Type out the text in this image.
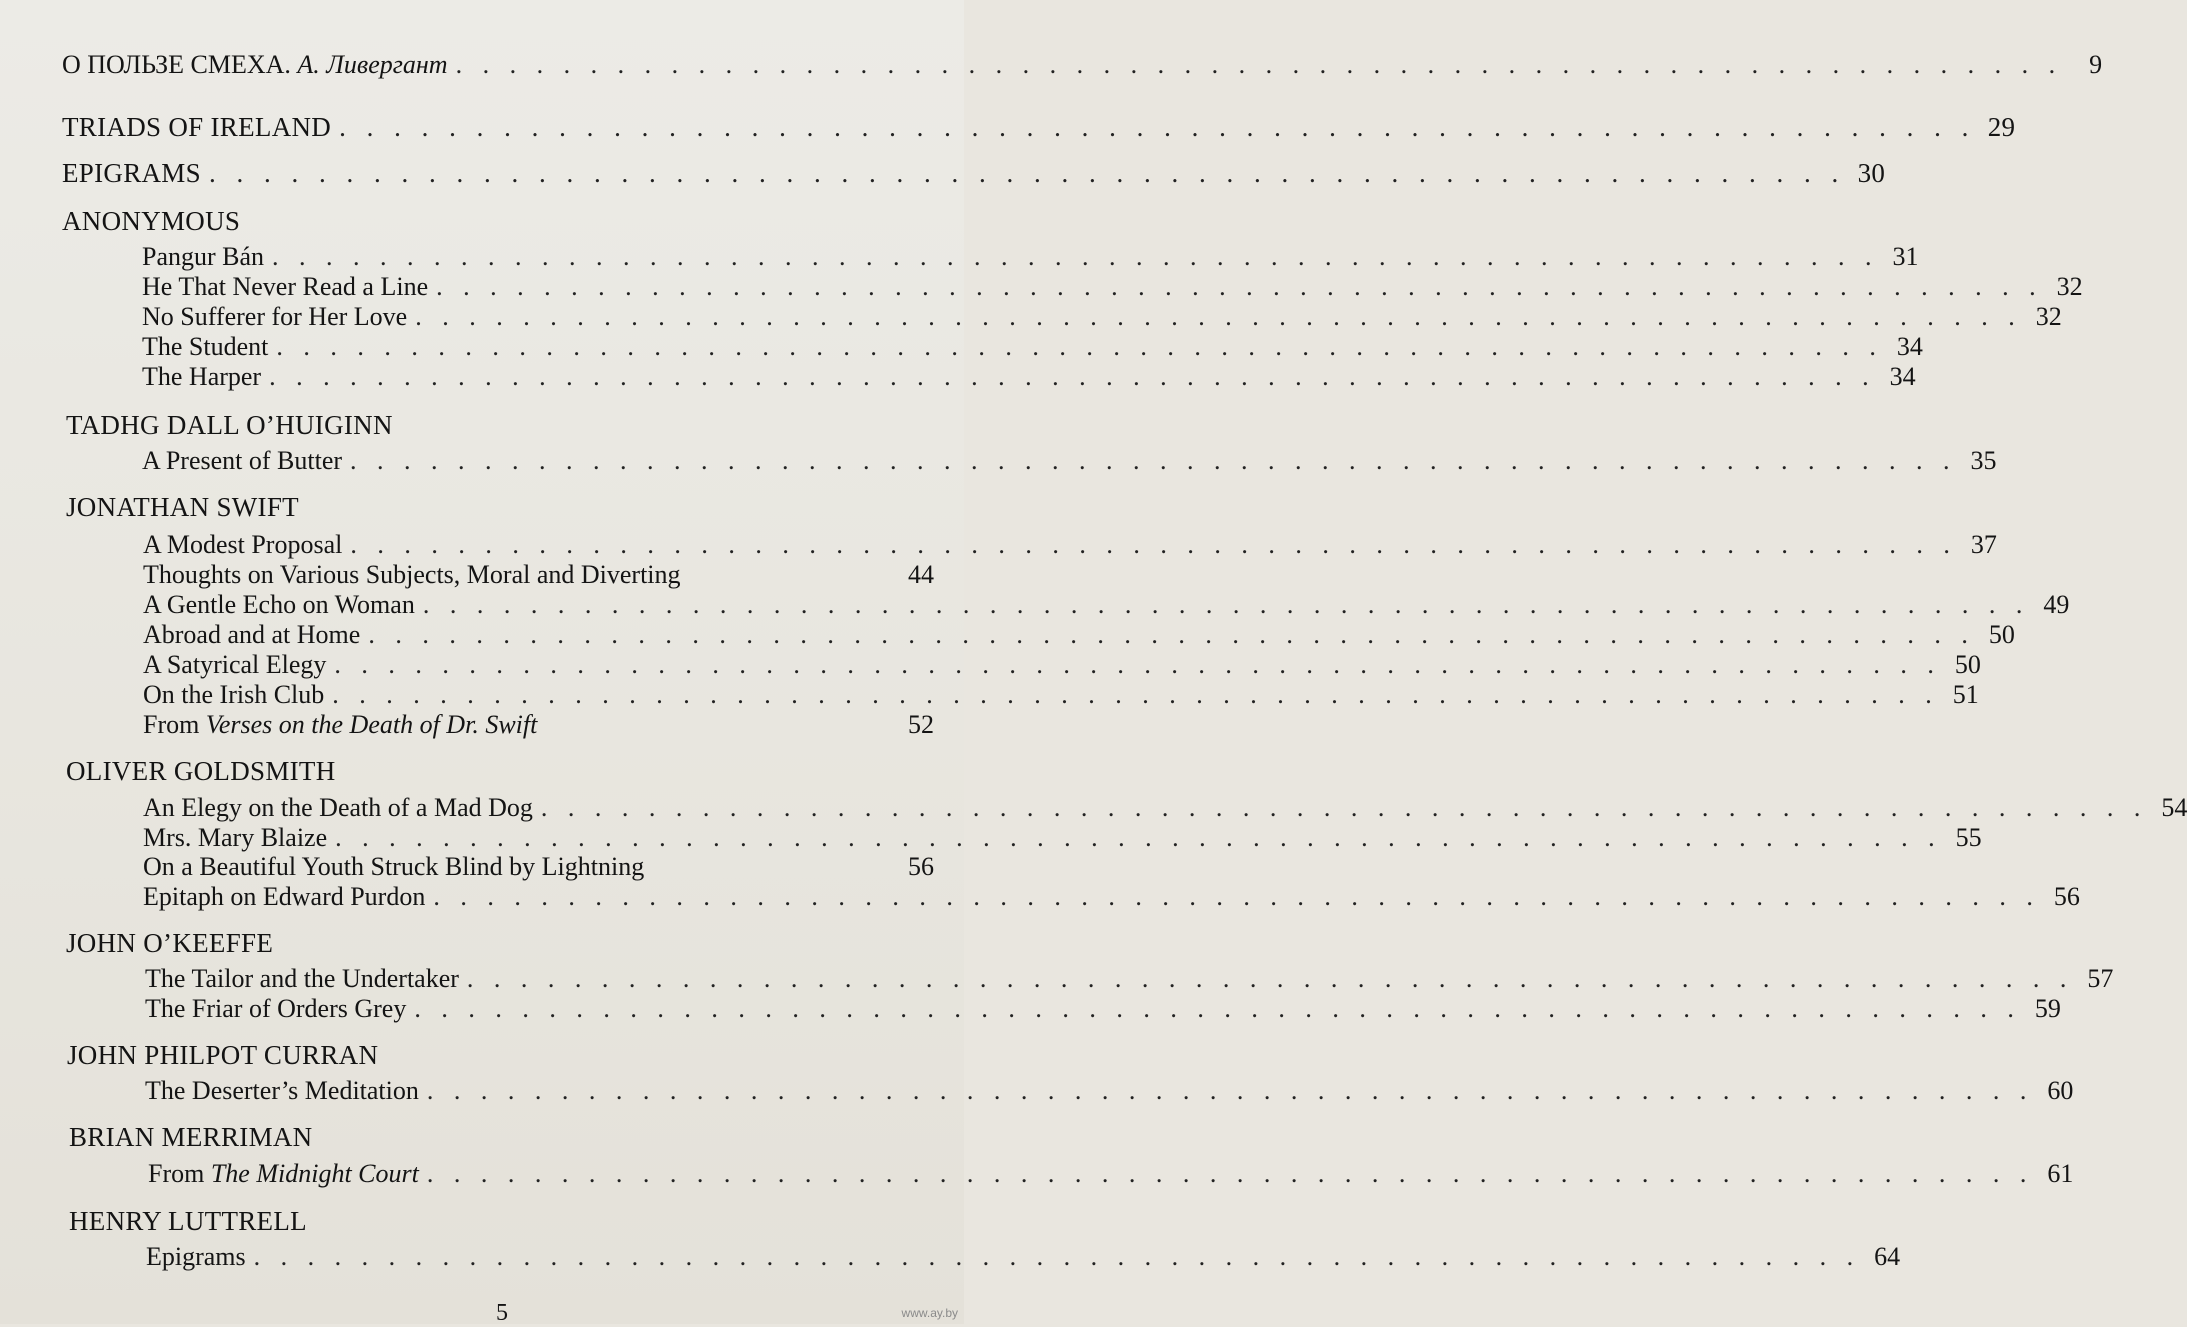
О ПОЛЬЗЕ СМЕХА. А. Ливергант . . . . . . . . . . . . . . . . . . . . . . . . . . . . . . . . . . . . . . . . . . . . . . . . . . . . . . . . . . . .	9
TRIADS OF IRELAND . . . . . . . . . . . . . . . . . . . . . . . . . . . . . . . . . . . . . . . . . . . . . . . . . . . . . . . . . . . . 29
EPIGRAMS . . . . . . . . . . . . . . . . . . . . . . . . . . . . . . . . . . . . . . . . . . . . . . . . . . . . . . . . . . . . 30
ANONYMOUS
Pangur Bán . . . . . . . . . . . . . . . . . . . . . . . . . . . . . . . . . . . . . . . . . . . . . . . . . . . . . . . . . . . . 31
He That Never Read a Line . . . . . . . . . . . . . . . . . . . . . . . . . . . . . . . . . . . . . . . . . . . . . . . . . . . . . . . . . . . . 32
No Sufferer for Her Love . . . . . . . . . . . . . . . . . . . . . . . . . . . . . . . . . . . . . . . . . . . . . . . . . . . . . . . . . . . . 32
The Student . . . . . . . . . . . . . . . . . . . . . . . . . . . . . . . . . . . . . . . . . . . . . . . . . . . . . . . . . . . . 34
The Harper . . . . . . . . . . . . . . . . . . . . . . . . . . . . . . . . . . . . . . . . . . . . . . . . . . . . . . . . . . . . 34
TADHG DALL O’HUIGINN
A Present of Butter . . . . . . . . . . . . . . . . . . . . . . . . . . . . . . . . . . . . . . . . . . . . . . . . . . . . . . . . . . . . 35
JONATHAN SWIFT
A Modest Proposal . . . . . . . . . . . . . . . . . . . . . . . . . . . . . . . . . . . . . . . . . . . . . . . . . . . . . . . . . . . . 37
Thoughts on Various Subjects, Moral and Diverting	44
A Gentle Echo on Woman . . . . . . . . . . . . . . . . . . . . . . . . . . . . . . . . . . . . . . . . . . . . . . . . . . . . . . . . . . . . 49
Abroad and at Home . . . . . . . . . . . . . . . . . . . . . . . . . . . . . . . . . . . . . . . . . . . . . . . . . . . . . . . . . . . . 50
A Satyrical Elegy . . . . . . . . . . . . . . . . . . . . . . . . . . . . . . . . . . . . . . . . . . . . . . . . . . . . . . . . . . . . 50
On the Irish Club . . . . . . . . . . . . . . . . . . . . . . . . . . . . . . . . . . . . . . . . . . . . . . . . . . . . . . . . . . . . 51
From Verses on the Death of Dr. Swift	52
OLIVER GOLDSMITH
An Elegy on the Death of a Mad Dog . . . . . . . . . . . . . . . . . . . . . . . . . . . . . . . . . . . . . . . . . . . . . . . . . . . . . . . . . . . . 54
Mrs. Mary Blaize . . . . . . . . . . . . . . . . . . . . . . . . . . . . . . . . . . . . . . . . . . . . . . . . . . . . . . . . . . . . 55
On a Beautiful Youth Struck Blind by Lightning	56
Epitaph on Edward Purdon . . . . . . . . . . . . . . . . . . . . . . . . . . . . . . . . . . . . . . . . . . . . . . . . . . . . . . . . . . . . 56
JOHN O’KEEFFE
The Tailor and the Undertaker . . . . . . . . . . . . . . . . . . . . . . . . . . . . . . . . . . . . . . . . . . . . . . . . . . . . . . . . . . . . 57
The Friar of Orders Grey . . . . . . . . . . . . . . . . . . . . . . . . . . . . . . . . . . . . . . . . . . . . . . . . . . . . . . . . . . . . 59
JOHN PHILPOT CURRAN
The Deserter’s Meditation . . . . . . . . . . . . . . . . . . . . . . . . . . . . . . . . . . . . . . . . . . . . . . . . . . . . . . . . . . . . 60
BRIAN MERRIMAN
From The Midnight Court . . . . . . . . . . . . . . . . . . . . . . . . . . . . . . . . . . . . . . . . . . . . . . . . . . . . . . . . . . . . 61
HENRY LUTTRELL
Epigrams . . . . . . . . . . . . . . . . . . . . . . . . . . . . . . . . . . . . . . . . . . . . . . . . . . . . . . . . . . . . 64
5	www.ay.by
